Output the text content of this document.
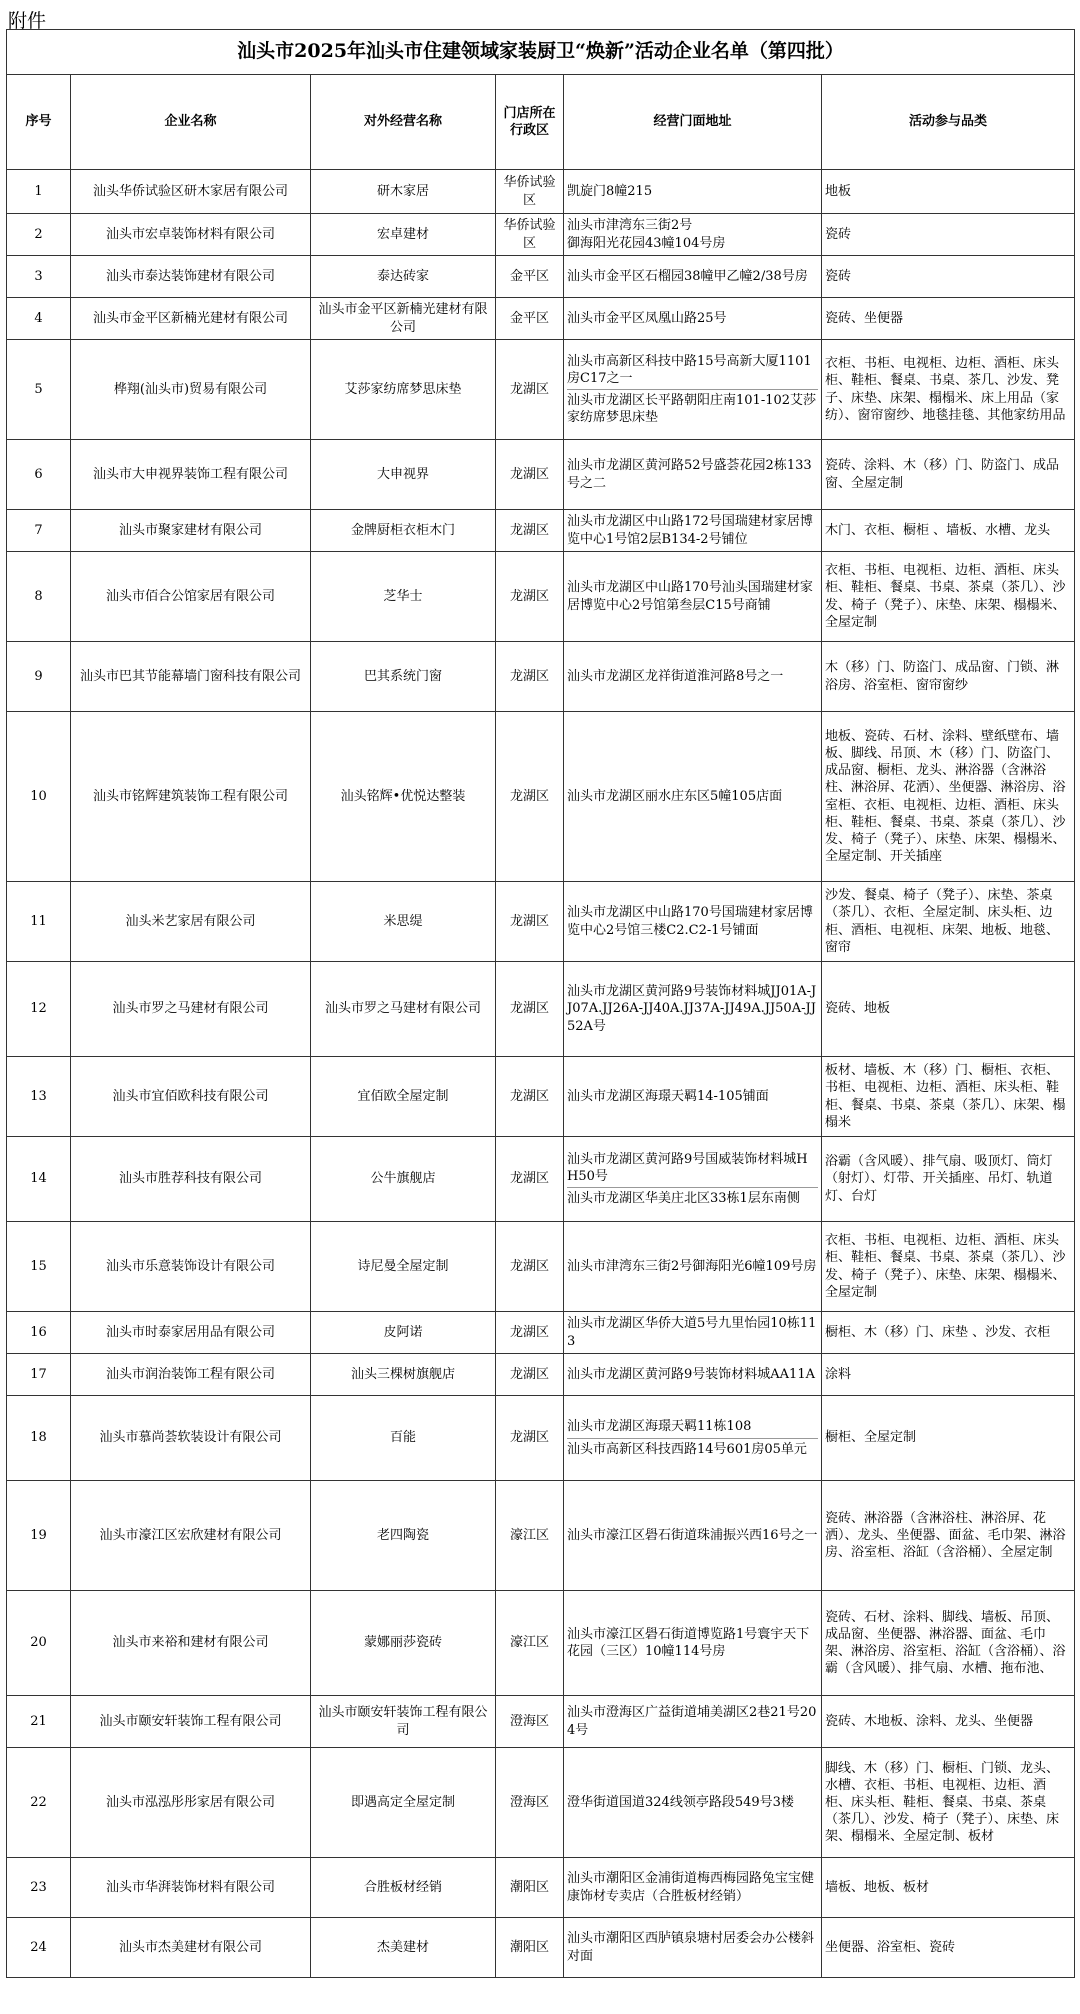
附件
汕头市2025年汕头市住建领域家装厨卫“焕新”活动企业名单（第四批）					
序号	企业名称	对外经营名称	门店所在行政区	经营门面地址	活动参与品类
1	汕头华侨试验区研木家居有限公司	研木家居	华侨试验区	凯旋门8幢215	地板
2	汕头市宏卓装饰材料有限公司	宏卓建材	华侨试验区	汕头市津湾东三街2号
御海阳光花园43幢104号房	瓷砖
3	汕头市泰达装饰建材有限公司	泰达砖家	金平区	汕头市金平区石榴园38幢甲乙幢2/38号房	瓷砖
4	汕头市金平区新楠光建材有限公司	汕头市金平区新楠光建材有限公司	金平区	汕头市金平区凤凰山路25号	瓷砖、坐便器
5	桦翔(汕头市)贸易有限公司	艾莎家纺席梦思床垫	龙湖区	汕头市高新区科技中路15号高新大厦1101房C17之一
汕头市龙湖区长平路朝阳庄南101-102艾莎家纺席梦思床垫	衣柜、书柜、电视柜、边柜、酒柜、床头柜、鞋柜、餐桌、书桌、茶几、沙发、凳子、床垫、床架、榻榻米、床上用品（家纺）、窗帘窗纱、地毯挂毯、其他家纺用品
6	汕头市大申视界装饰工程有限公司	大申视界	龙湖区	汕头市龙湖区黄河路52号盛荟花园2栋133号之二	瓷砖、涂料、木（移）门、防盗门、成品窗、全屋定制
7	汕头市聚家建材有限公司	金牌厨柜衣柜木门	龙湖区	汕头市龙湖区中山路172号国瑞建材家居博览中心1号馆2层B134-2号铺位	木门、衣柜、橱柜 、墙板、水槽、龙头
8	汕头市佰合公馆家居有限公司	芝华士	龙湖区	汕头市龙湖区中山路170号汕头国瑞建材家居博览中心2号馆第叁层C15号商铺	衣柜、书柜、电视柜、边柜、酒柜、床头柜、鞋柜、餐桌、书桌、茶桌（茶几）、沙发、椅子（凳子）、床垫、床架、榻榻米、全屋定制
9	汕头市巴其节能幕墙门窗科技有限公司	巴其系统门窗	龙湖区	汕头市龙湖区龙祥街道淮河路8号之一	木（移）门、防盗门、成品窗、门锁、淋浴房、浴室柜、窗帘窗纱
10	汕头市铭辉建筑装饰工程有限公司	汕头铭辉•优悦达整装	龙湖区	汕头市龙湖区丽水庄东区5幢105店面	地板、瓷砖、石材、涂料、壁纸壁布、墙板、脚线、吊顶、木（移）门、防盗门、成品窗、橱柜、龙头、淋浴器（含淋浴柱、淋浴屏、花洒）、坐便器、淋浴房、浴室柜、衣柜、电视柜、边柜、酒柜、床头柜、鞋柜、餐桌、书桌、茶桌（茶几）、沙发、椅子（凳子）、床垫、床架、榻榻米、全屋定制、开关插座
11	汕头米艺家居有限公司	米思缇	龙湖区	汕头市龙湖区中山路170号国瑞建材家居博览中心2号馆三楼C2.C2-1号铺面	沙发、餐桌、椅子（凳子）、床垫、茶桌（茶几）、衣柜、全屋定制、床头柜、边柜、酒柜、电视柜、床架、地板、地毯、窗帘
12	汕头市罗之马建材有限公司	汕头市罗之马建材有限公司	龙湖区	汕头市龙湖区黄河路9号装饰材料城JJ01A-JJ07A.JJ26A-JJ40A.JJ37A-JJ49A.JJ50A-JJ52A号	瓷砖、地板
13	汕头市宜佰欧科技有限公司	宜佰欧全屋定制	龙湖区	汕头市龙湖区海璟天羁14-105铺面	板材、墙板、木（移）门、橱柜、衣柜、书柜、电视柜、边柜、酒柜、床头柜、鞋柜、餐桌、书桌、茶桌（茶几）、床架、榻榻米
14	汕头市胜荐科技有限公司	公牛旗舰店	龙湖区	汕头市龙湖区黄河路9号国威装饰材料城HH50号
汕头市龙湖区华美庄北区33栋1层东南侧	浴霸（含风暖）、排气扇、吸顶灯、筒灯（射灯）、灯带、开关插座、吊灯、轨道灯、台灯
15	汕头市乐意装饰设计有限公司	诗尼曼全屋定制	龙湖区	汕头市津湾东三街2号御海阳光6幢109号房	衣柜、书柜、电视柜、边柜、酒柜、床头柜、鞋柜、餐桌、书桌、茶桌（茶几）、沙发、椅子（凳子）、床垫、床架、榻榻米、全屋定制
16	汕头市时泰家居用品有限公司	皮阿诺	龙湖区	汕头市龙湖区华侨大道5号九里怡园10栋113	橱柜、木（移）门、床垫 、沙发、衣柜
17	汕头市润治装饰工程有限公司	汕头三棵树旗舰店	龙湖区	汕头市龙湖区黄河路9号装饰材料城AA11A	涂料
18	汕头市慕尚荟软装设计有限公司	百能	龙湖区	汕头市龙湖区海璟天羁11栋108
汕头市高新区科技西路14号601房05单元	橱柜、全屋定制
19	汕头市濠江区宏欣建材有限公司	老四陶瓷	濠江区	汕头市濠江区礐石街道珠浦振兴西16号之一	瓷砖、淋浴器（含淋浴柱、淋浴屏、花洒）、龙头、坐便器、面盆、毛巾架、淋浴房、浴室柜、浴缸（含浴桶）、全屋定制
20	汕头市来裕和建材有限公司	蒙娜丽莎瓷砖	濠江区	汕头市濠江区礐石街道博览路1号寰宇天下花园（三区）10幢114号房	瓷砖、石材、涂料、脚线、墙板、吊顶、成品窗、坐便器、淋浴器、面盆、毛巾架、淋浴房、浴室柜、浴缸（含浴桶）、浴霸（含风暖）、排气扇、水槽、拖布池、
21	汕头市颐安轩装饰工程有限公司	汕头市颐安轩装饰工程有限公司	澄海区	汕头市澄海区广益街道埔美湖区2巷21号204号	瓷砖、木地板、涂料、龙头、坐便器
22	汕头市泓泓彤彤家居有限公司	即遇高定全屋定制	澄海区	澄华街道国道324线领亭路段549号3楼	脚线、木（移）门、橱柜、门锁、龙头、水槽、衣柜、书柜、电视柜、边柜、酒柜、床头柜、鞋柜、餐桌、书桌、茶桌（茶几）、沙发、椅子（凳子）、床垫、床架、榻榻米、全屋定制、板材
23	汕头市华湃装饰材料有限公司	合胜板材经销	潮阳区	汕头市潮阳区金浦街道梅西梅园路兔宝宝健康饰材专卖店（合胜板材经销）	墙板、地板、板材
24	汕头市杰美建材有限公司	杰美建材	潮阳区	汕头市潮阳区西胪镇泉塘村居委会办公楼斜对面	坐便器、浴室柜、瓷砖
